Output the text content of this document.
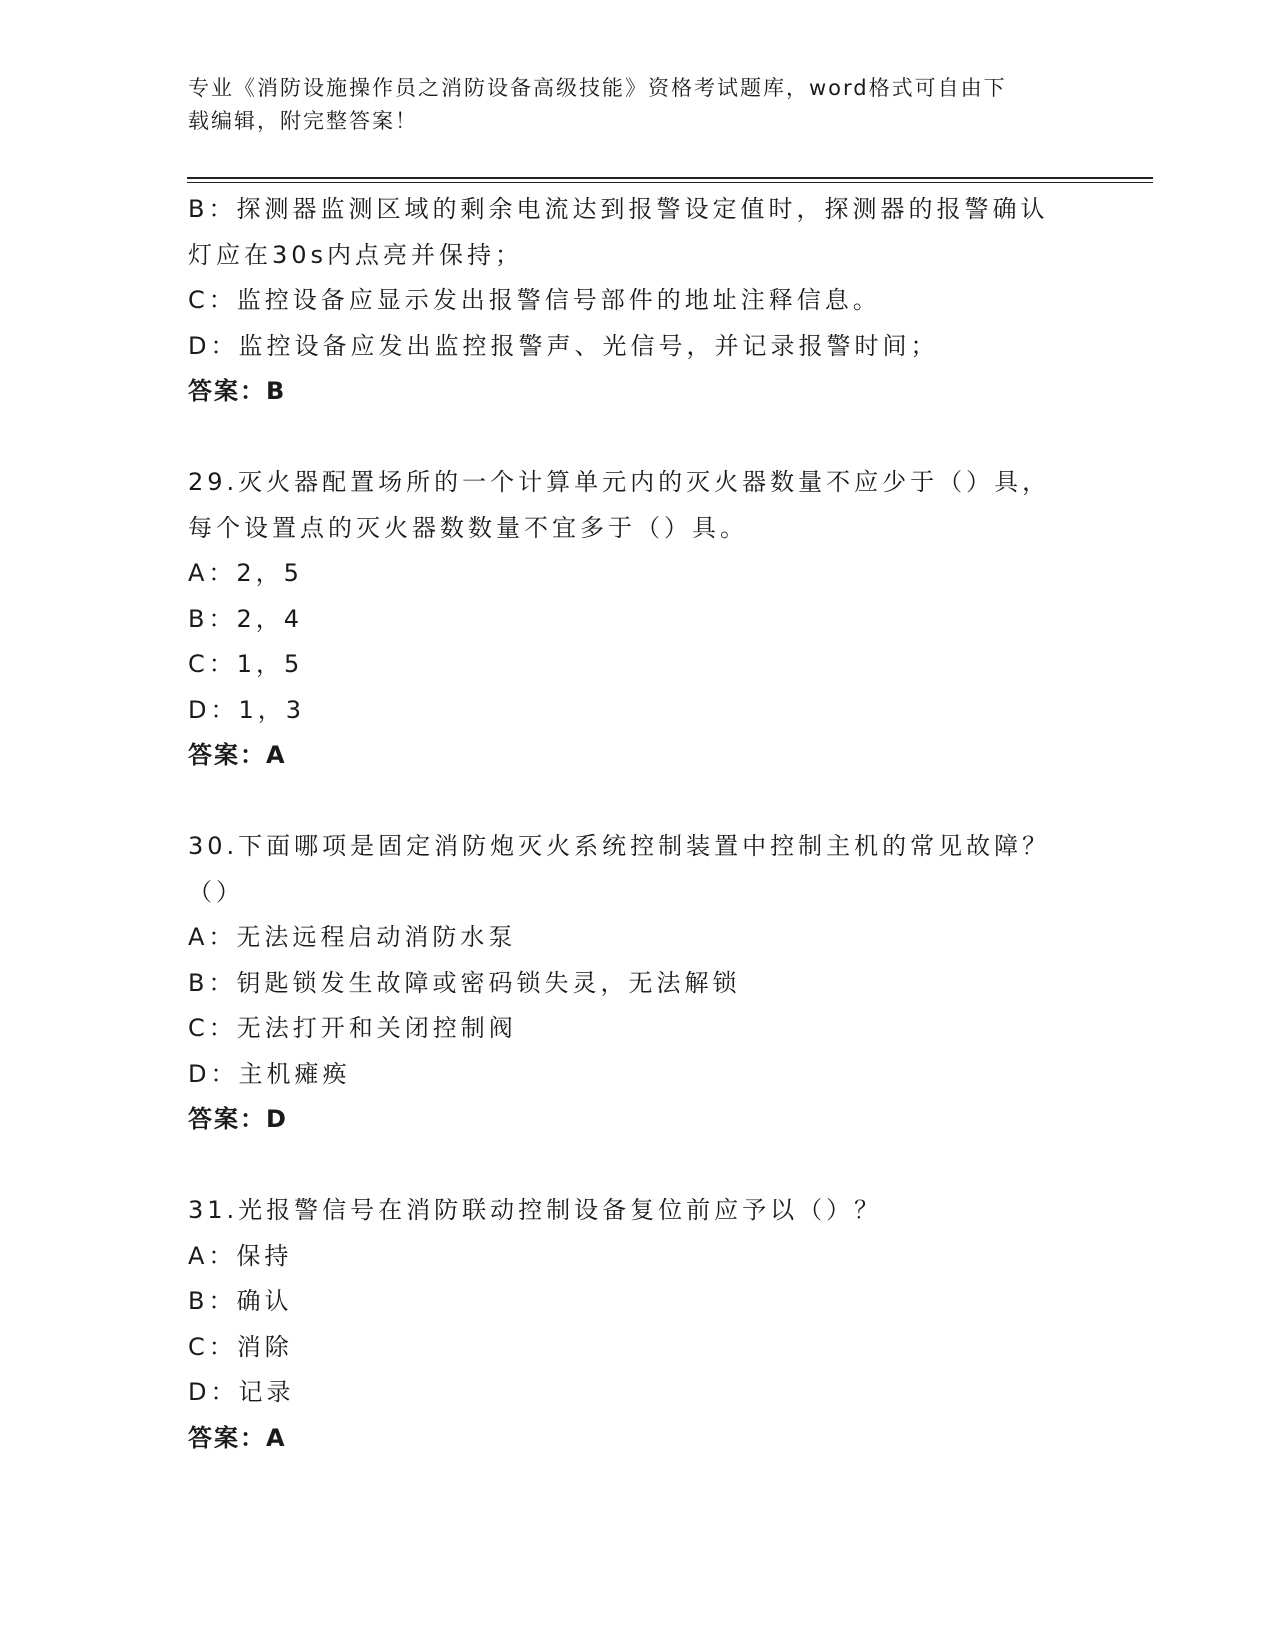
专业《消防设施操作员之消防设备高级技能》资格考试题库，word格式可自由下
载编辑，附完整答案！
B：探测器监测区域的剩余电流达到报警设定值时，探测器的报警确认
灯应在30s内点亮并保持；
C：监控设备应显示发出报警信号部件的地址注释信息。
D：监控设备应发出监控报警声、光信号，并记录报警时间；
答案：B
29.灭火器配置场所的一个计算单元内的灭火器数量不应少于（）具，
每个设置点的灭火器数数量不宜多于（）具。
A：2，5
B：2，4
C：1，5
D：1，3
答案：A
30.下面哪项是固定消防炮灭火系统控制装置中控制主机的常见故障？
（）
A：无法远程启动消防水泵
B：钥匙锁发生故障或密码锁失灵，无法解锁
C：无法打开和关闭控制阀
D：主机瘫痪
答案：D
31.光报警信号在消防联动控制设备复位前应予以（）？
A：保持
B：确认
C：消除
D：记录
答案：A
